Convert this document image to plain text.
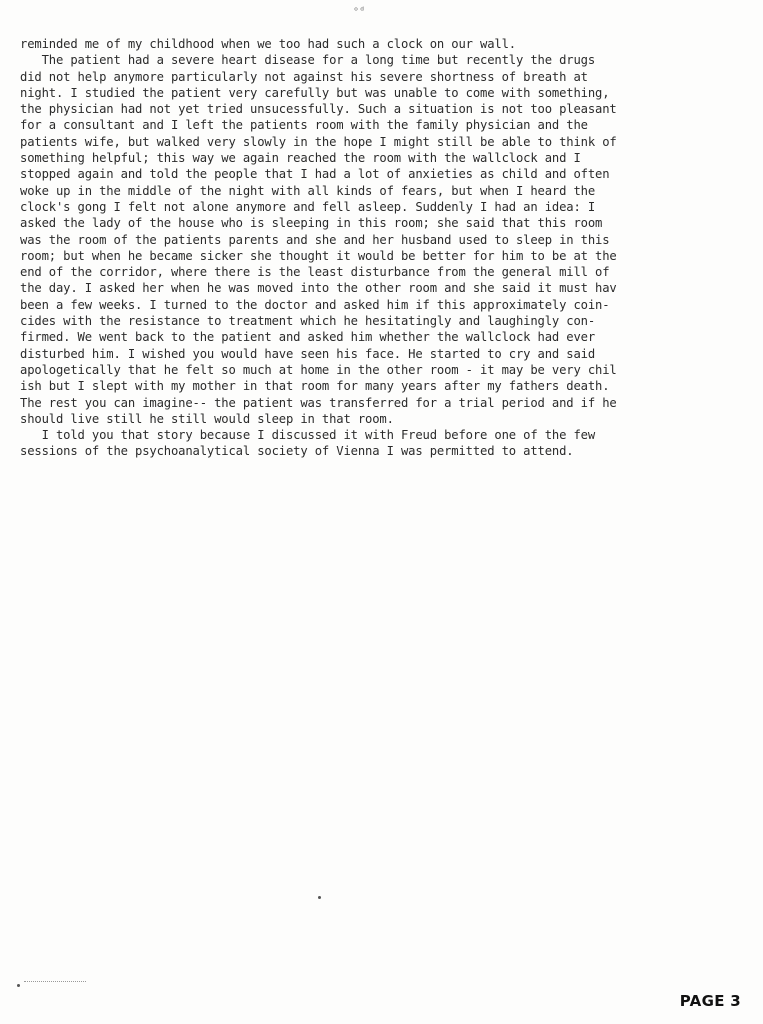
ᵒᵈ
reminded me of my childhood when we too had such a clock on our wall.
The patient had a severe heart disease for a long time but recently the drugs
did not help anymore particularly not against his severe shortness of breath at
night. I studied the patient very carefully but was unable to come with something,
the physician had not yet tried unsucessfully. Such a situation is not too pleasant
for a consultant and I left the patients room with the family physician and the
patients wife, but walked very slowly in the hope I might still be able to think of
something helpful; this way we again reached the room with the wallclock and I
stopped again and told the people that I had a lot of anxieties as child and often
woke up in the middle of the night with all kinds of fears, but when I heard the
clock's gong I felt not alone anymore and fell asleep. Suddenly I had an idea: I
asked the lady of the house who is sleeping in this room; she said that this room
was the room of the patients parents and she and her husband used to sleep in this
room; but when he became sicker she thought it would be better for him to be at the
end of the corridor, where there is the least disturbance from the general mill of
the day. I asked her when he was moved into the other room and she said it must hav
been a few weeks. I turned to the doctor and asked him if this approximately coin-
cides with the resistance to treatment which he hesitatingly and laughingly con-
firmed. We went back to the patient and asked him whether the wallclock had ever
disturbed him. I wished you would have seen his face. He started to cry and said
apologetically that he felt so much at home in the other room - it may be very chil
ish but I slept with my mother in that room for many years after my fathers death.
The rest you can imagine-- the patient was transferred for a trial period and if he
should live still he still would sleep in that room.
I told you that story because I discussed it with Freud before one of the few
sessions of the psychoanalytical society of Vienna I was permitted to attend.
PAGE 3
